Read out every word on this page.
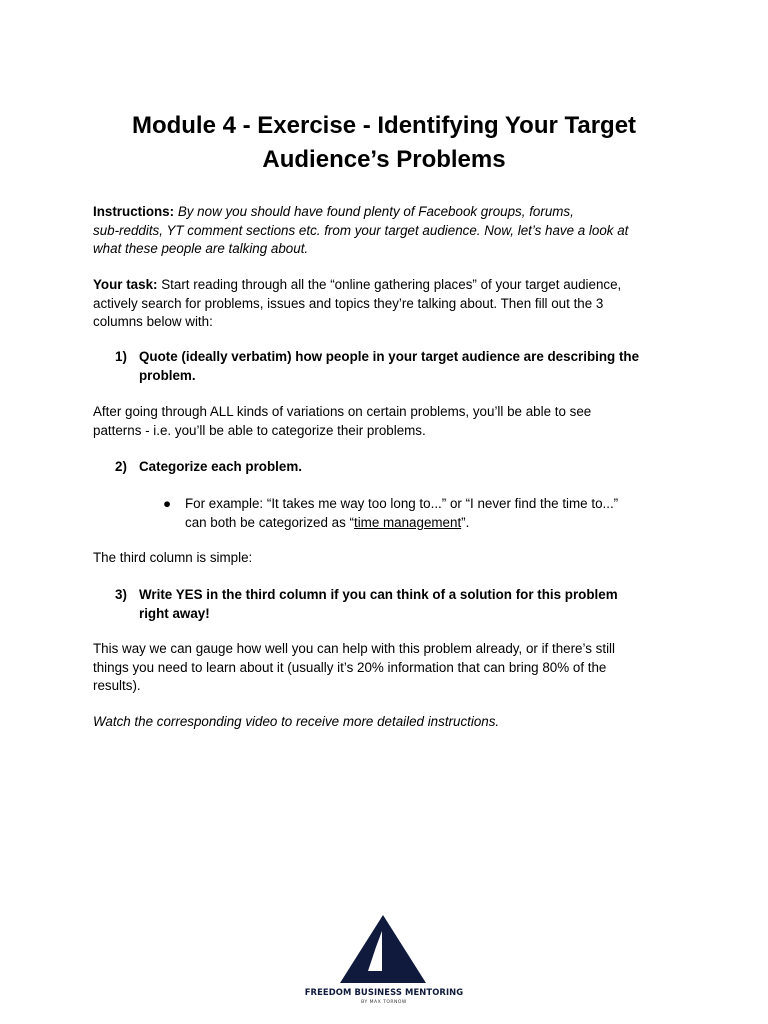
Module 4 - Exercise - Identifying Your Target
Audience’s Problems
Instructions: By now you should have found plenty of Facebook groups, forums,
sub-reddits, YT comment sections etc. from your target audience. Now, let’s have a look at
what these people are talking about.
Your task: Start reading through all the “online gathering places” of your target audience,
actively search for problems, issues and topics they’re talking about. Then fill out the 3
columns below with:
1) Quote (ideally verbatim) how people in your target audience are describing the
problem.
After going through ALL kinds of variations on certain problems, you’ll be able to see
patterns - i.e. you’ll be able to categorize their problems.
2) Categorize each problem.
● For example: “It takes me way too long to...” or “I never find the time to...”
can both be categorized as “time management”.
The third column is simple:
3) Write YES in the third column if you can think of a solution for this problem
right away!
This way we can gauge how well you can help with this problem already, or if there’s still
things you need to learn about it (usually it’s 20% information that can bring 80% of the
results).
Watch the corresponding video to receive more detailed instructions.
FREEDOM BUSINESS MENTORING
BY MAX TORNOW
